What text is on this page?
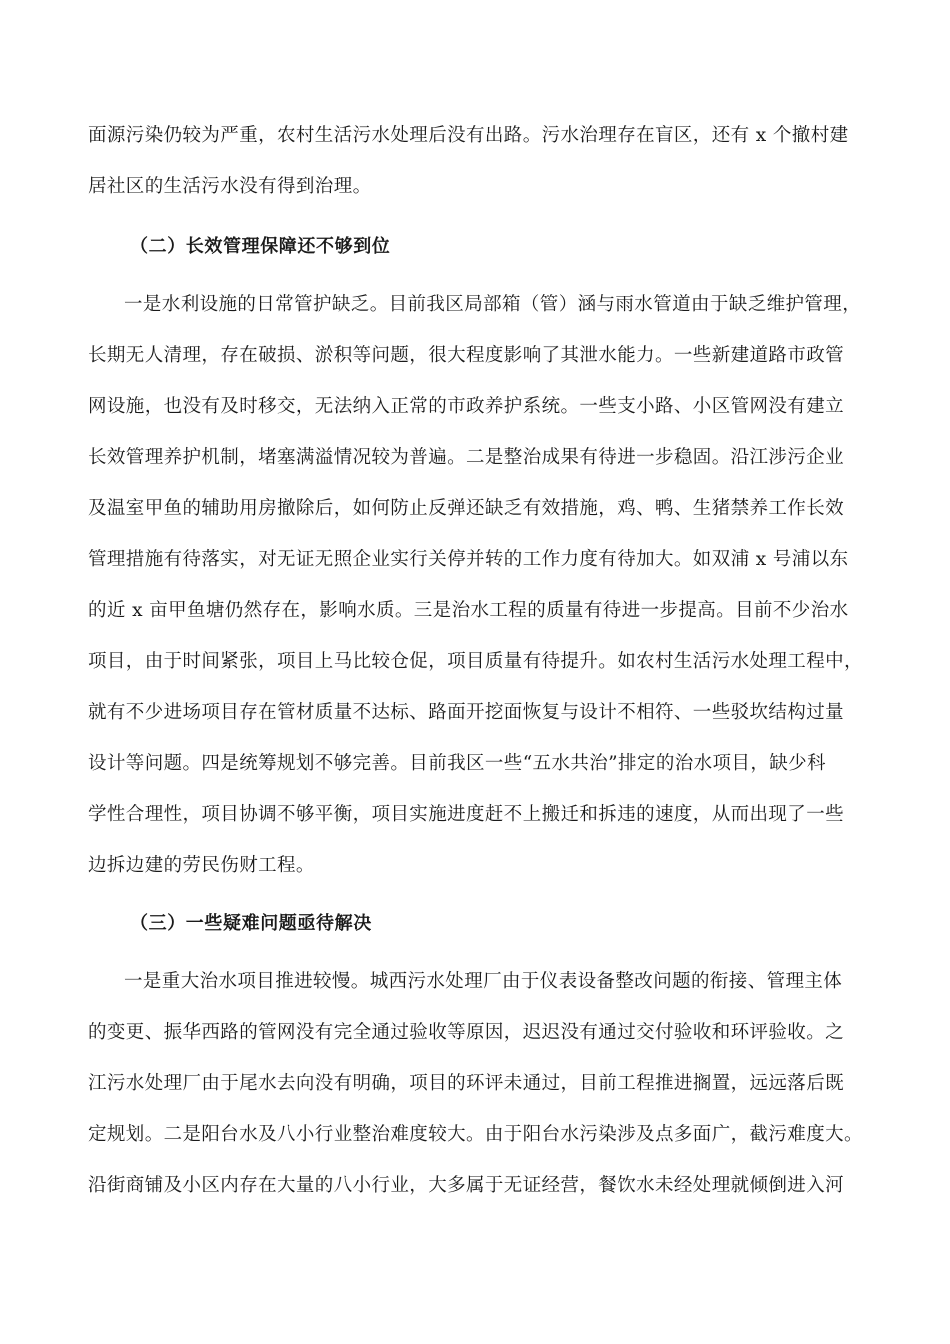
面源污染仍较为严重，农村生活污水处理后没有出路。污水治理存在盲区，还有 x 个撤村建
居社区的生活污水没有得到治理。
（二）长效管理保障还不够到位
一是水利设施的日常管护缺乏。目前我区局部箱（管）涵与雨水管道由于缺乏维护管理，
长期无人清理，存在破损、淤积等问题，很大程度影响了其泄水能力。一些新建道路市政管
网设施，也没有及时移交，无法纳入正常的市政养护系统。一些支小路、小区管网没有建立
长效管理养护机制，堵塞满溢情况较为普遍。二是整治成果有待进一步稳固。沿江涉污企业
及温室甲鱼的辅助用房撤除后，如何防止反弹还缺乏有效措施，鸡、鸭、生猪禁养工作长效
管理措施有待落实，对无证无照企业实行关停并转的工作力度有待加大。如双浦 x 号浦以东
的近 x 亩甲鱼塘仍然存在，影响水质。三是治水工程的质量有待进一步提高。目前不少治水
项目，由于时间紧张，项目上马比较仓促，项目质量有待提升。如农村生活污水处理工程中，
就有不少进场项目存在管材质量不达标、路面开挖面恢复与设计不相符、一些驳坎结构过量
设计等问题。四是统筹规划不够完善。目前我区一些“五水共治”排定的治水项目，缺少科
学性合理性，项目协调不够平衡，项目实施进度赶不上搬迁和拆违的速度，从而出现了一些
边拆边建的劳民伤财工程。
（三）一些疑难问题亟待解决
一是重大治水项目推进较慢。城西污水处理厂由于仪表设备整改问题的衔接、管理主体
的变更、振华西路的管网没有完全通过验收等原因，迟迟没有通过交付验收和环评验收。之
江污水处理厂由于尾水去向没有明确，项目的环评未通过，目前工程推进搁置，远远落后既
定规划。二是阳台水及八小行业整治难度较大。由于阳台水污染涉及点多面广，截污难度大。
沿街商铺及小区内存在大量的八小行业，大多属于无证经营，餐饮水未经处理就倾倒进入河
